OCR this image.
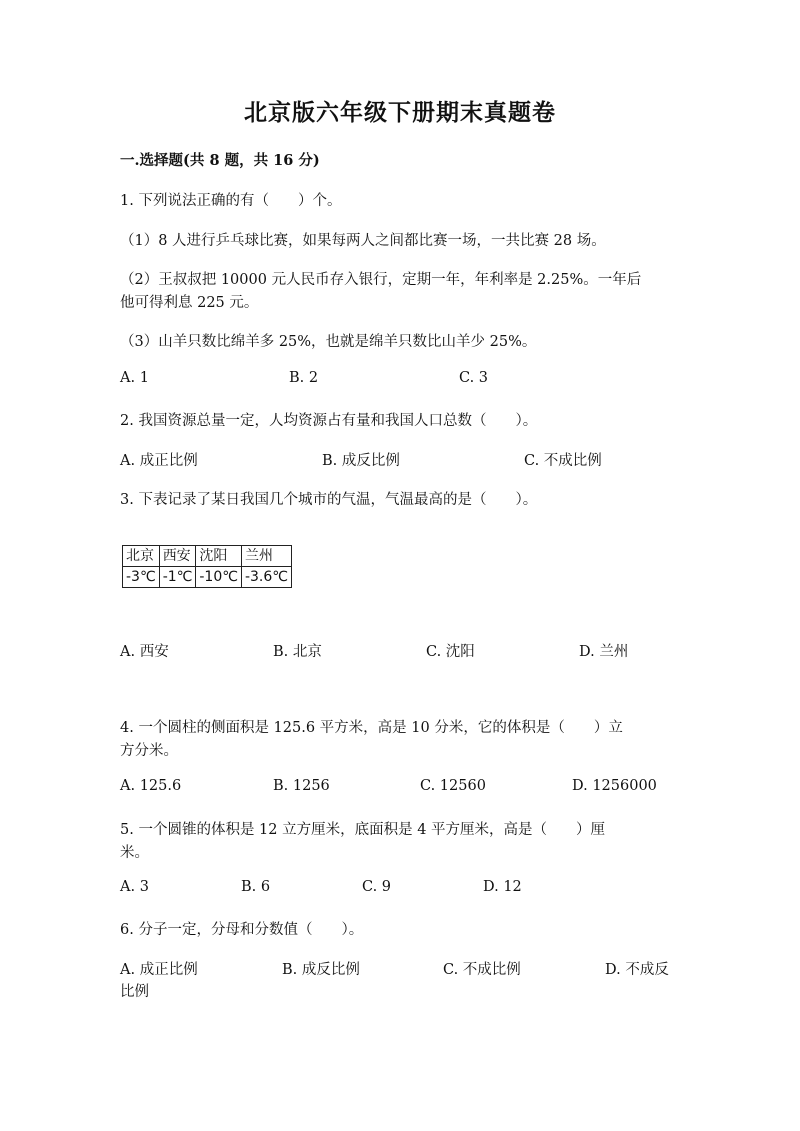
北京版六年级下册期末真题卷
一.选择题(共 8 题，共 16 分)
1. 下列说法正确的有（　　）个。
（1）8 人进行乒乓球比赛，如果每两人之间都比赛一场，一共比赛 28 场。
（2）王叔叔把 10000 元人民币存入银行，定期一年，年利率是 2.25%。一年后
他可得利息 225 元。
（3）山羊只数比绵羊多 25%，也就是绵羊只数比山羊少 25%。
A. 1	B. 2	C. 3
2. 我国资源总量一定，人均资源占有量和我国人口总数（　　）。
A. 成正比例	B. 成反比例	C. 不成比例
3. 下表记录了某日我国几个城市的气温，气温最高的是（　　）。
北京	西安	沈阳	兰州
-3℃	-1℃	-10℃	-3.6℃
A. 西安	B. 北京	C. 沈阳	D. 兰州
4. 一个圆柱的侧面积是 125.6 平方米，高是 10 分米，它的体积是（　　）立
方分米。
A. 125.6	B. 1256	C. 12560	D. 1256000
5. 一个圆锥的体积是 12 立方厘米，底面积是 4 平方厘米，高是（　　）厘
米。
A. 3	B. 6	C. 9	D. 12
6. 分子一定，分母和分数值（　　）。
A. 成正比例	B. 成反比例	C. 不成比例	D. 不成反
比例
